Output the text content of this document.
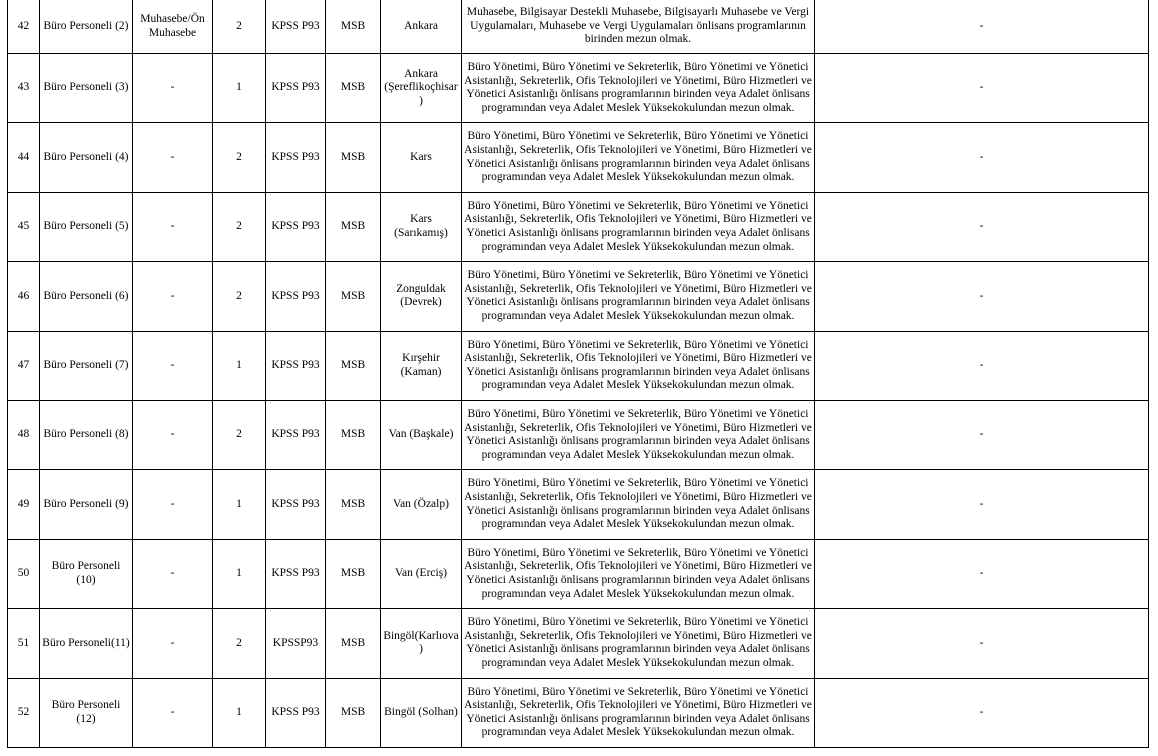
42	Büro Personeli (2)	Muhasebe/Ön Muhasebe	2	KPSS P93	MSB	Ankara	Muhasebe, Bilgisayar Destekli Muhasebe, Bilgisayarlı Muhasebe ve Vergi Uygulamaları, Muhasebe ve Vergi Uygulamaları önlisans programlarının birinden mezun olmak.	-
43	Büro Personeli (3)	-	1	KPSS P93	MSB	Ankara (Şereflikoçhisar)	Büro Yönetimi, Büro Yönetimi ve Sekreterlik, Büro Yönetimi ve Yönetici Asistanlığı, Sekreterlik, Ofis Teknolojileri ve Yönetimi, Büro Hizmetleri ve Yönetici Asistanlığı önlisans programlarının birinden veya Adalet önlisans programından veya Adalet Meslek Yüksekokulundan mezun olmak.	-
44	Büro Personeli (4)	-	2	KPSS P93	MSB	Kars	Büro Yönetimi, Büro Yönetimi ve Sekreterlik, Büro Yönetimi ve Yönetici Asistanlığı, Sekreterlik, Ofis Teknolojileri ve Yönetimi, Büro Hizmetleri ve Yönetici Asistanlığı önlisans programlarının birinden veya Adalet önlisans programından veya Adalet Meslek Yüksekokulundan mezun olmak.	-
45	Büro Personeli (5)	-	2	KPSS P93	MSB	Kars (Sarıkamış)	Büro Yönetimi, Büro Yönetimi ve Sekreterlik, Büro Yönetimi ve Yönetici Asistanlığı, Sekreterlik, Ofis Teknolojileri ve Yönetimi, Büro Hizmetleri ve Yönetici Asistanlığı önlisans programlarının birinden veya Adalet önlisans programından veya Adalet Meslek Yüksekokulundan mezun olmak.	-
46	Büro Personeli (6)	-	2	KPSS P93	MSB	Zonguldak (Devrek)	Büro Yönetimi, Büro Yönetimi ve Sekreterlik, Büro Yönetimi ve Yönetici Asistanlığı, Sekreterlik, Ofis Teknolojileri ve Yönetimi, Büro Hizmetleri ve Yönetici Asistanlığı önlisans programlarının birinden veya Adalet önlisans programından veya Adalet Meslek Yüksekokulundan mezun olmak.	-
47	Büro Personeli (7)	-	1	KPSS P93	MSB	Kırşehir (Kaman)	Büro Yönetimi, Büro Yönetimi ve Sekreterlik, Büro Yönetimi ve Yönetici Asistanlığı, Sekreterlik, Ofis Teknolojileri ve Yönetimi, Büro Hizmetleri ve Yönetici Asistanlığı önlisans programlarının birinden veya Adalet önlisans programından veya Adalet Meslek Yüksekokulundan mezun olmak.	-
48	Büro Personeli (8)	-	2	KPSS P93	MSB	Van (Başkale)	Büro Yönetimi, Büro Yönetimi ve Sekreterlik, Büro Yönetimi ve Yönetici Asistanlığı, Sekreterlik, Ofis Teknolojileri ve Yönetimi, Büro Hizmetleri ve Yönetici Asistanlığı önlisans programlarının birinden veya Adalet önlisans programından veya Adalet Meslek Yüksekokulundan mezun olmak.	-
49	Büro Personeli (9)	-	1	KPSS P93	MSB	Van (Özalp)	Büro Yönetimi, Büro Yönetimi ve Sekreterlik, Büro Yönetimi ve Yönetici Asistanlığı, Sekreterlik, Ofis Teknolojileri ve Yönetimi, Büro Hizmetleri ve Yönetici Asistanlığı önlisans programlarının birinden veya Adalet önlisans programından veya Adalet Meslek Yüksekokulundan mezun olmak.	-
50	Büro Personeli (10)	-	1	KPSS P93	MSB	Van (Erciş)	Büro Yönetimi, Büro Yönetimi ve Sekreterlik, Büro Yönetimi ve Yönetici Asistanlığı, Sekreterlik, Ofis Teknolojileri ve Yönetimi, Büro Hizmetleri ve Yönetici Asistanlığı önlisans programlarının birinden veya Adalet önlisans programından veya Adalet Meslek Yüksekokulundan mezun olmak.	-
51	Büro Personeli(11)	-	2	KPSSP93	MSB	Bingöl(Karlıova)	Büro Yönetimi, Büro Yönetimi ve Sekreterlik, Büro Yönetimi ve Yönetici Asistanlığı, Sekreterlik, Ofis Teknolojileri ve Yönetimi, Büro Hizmetleri ve Yönetici Asistanlığı önlisans programlarının birinden veya Adalet önlisans programından veya Adalet Meslek Yüksekokulundan mezun olmak.	-
52	Büro Personeli (12)	-	1	KPSS P93	MSB	Bingöl (Solhan)	Büro Yönetimi, Büro Yönetimi ve Sekreterlik, Büro Yönetimi ve Yönetici Asistanlığı, Sekreterlik, Ofis Teknolojileri ve Yönetimi, Büro Hizmetleri ve Yönetici Asistanlığı önlisans programlarının birinden veya Adalet önlisans programından veya Adalet Meslek Yüksekokulundan mezun olmak.	-
